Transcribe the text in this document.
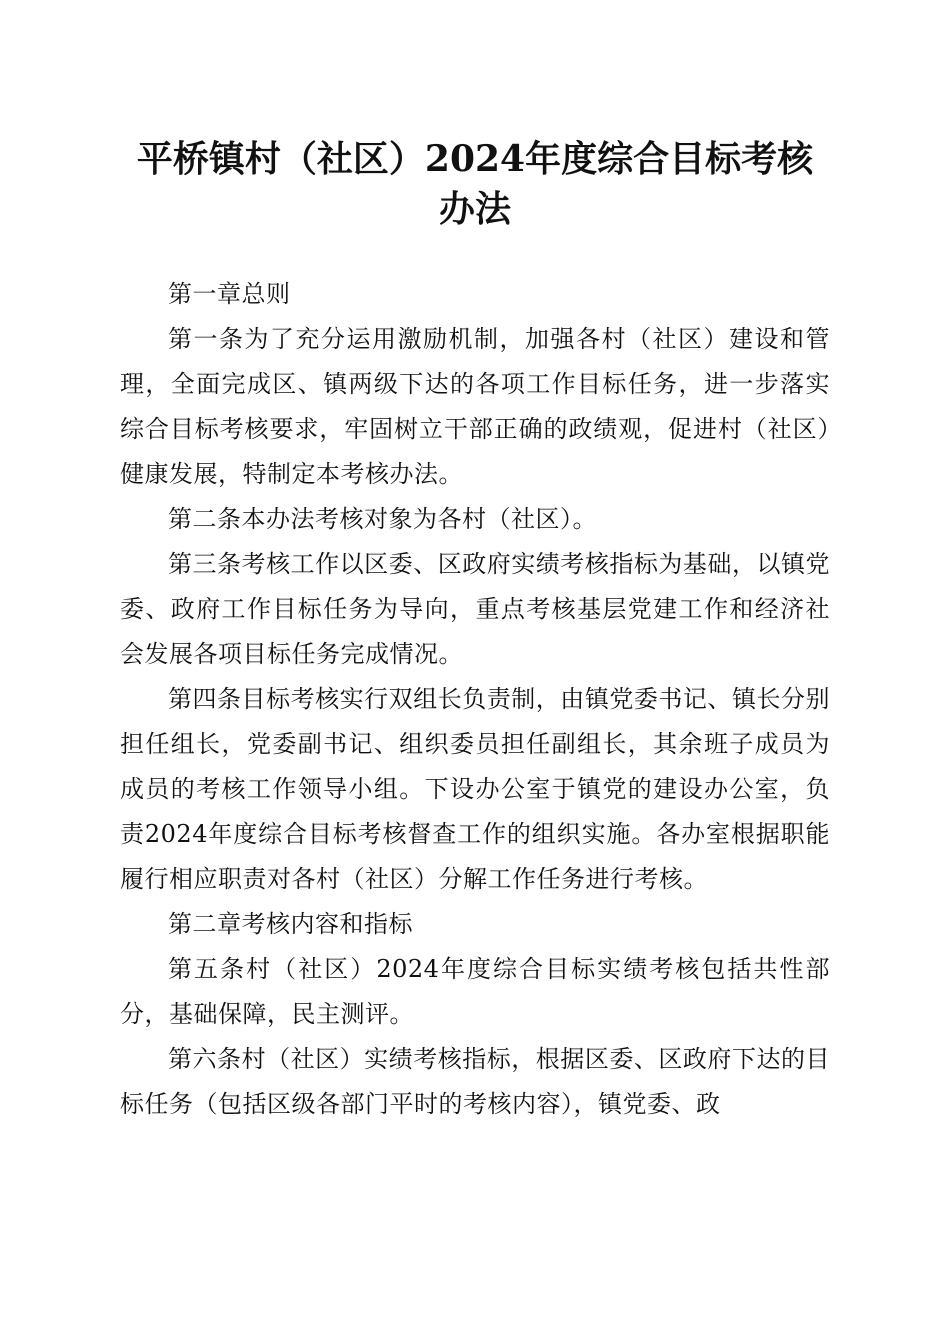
平桥镇村（社区）2024年度综合目标考核办法

第一章总则

第一条为了充分运用激励机制，加强各村（社区）建设和管理，全面完成区、镇两级下达的各项工作目标任务，进一步落实综合目标考核要求，牢固树立干部正确的政绩观，促进村（社区）健康发展，特制定本考核办法。

第二条本办法考核对象为各村（社区）。

第三条考核工作以区委、区政府实绩考核指标为基础，以镇党委、政府工作目标任务为导向，重点考核基层党建工作和经济社会发展各项目标任务完成情况。

第四条目标考核实行双组长负责制，由镇党委书记、镇长分别担任组长，党委副书记、组织委员担任副组长，其余班子成员为成员的考核工作领导小组。下设办公室于镇党的建设办公室，负责2024年度综合目标考核督查工作的组织实施。各办室根据职能履行相应职责对各村（社区）分解工作任务进行考核。

第二章考核内容和指标

第五条村（社区）2024年度综合目标实绩考核包括共性部分，基础保障，民主测评。

第六条村（社区）实绩考核指标，根据区委、区政府下达的目标任务（包括区级各部门平时的考核内容），镇党委、政
